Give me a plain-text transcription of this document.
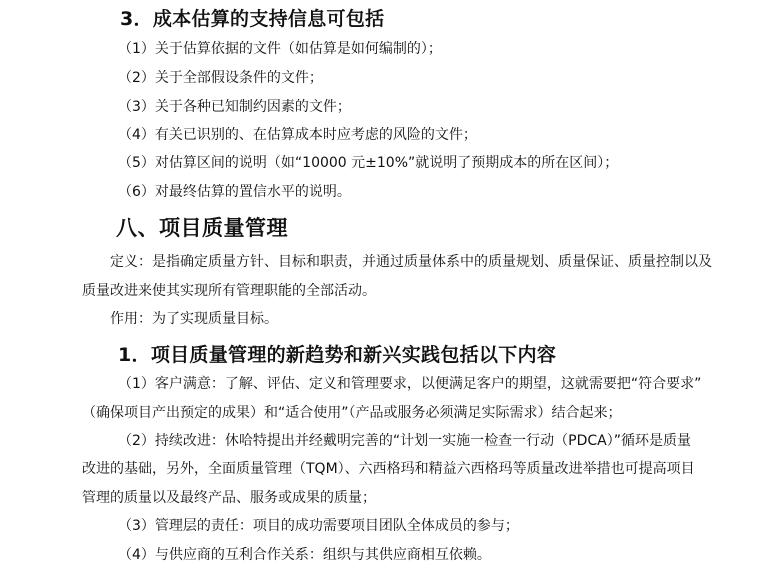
3．成本估算的支持信息可包括
（1）关于估算依据的文件（如估算是如何编制的）；
（2）关于全部假设条件的文件；
（3）关于各种已知制约因素的文件；
（4）有关已识别的、在估算成本时应考虑的风险的文件；
（5）对估算区间的说明（如“10000 元±10%”就说明了预期成本的所在区间）；
（6）对最终估算的置信水平的说明。
八、项目质量管理
定义：是指确定质量方针、目标和职责，并通过质量体系中的质量规划、质量保证、质量控制以及
质量改进来使其实现所有管理职能的全部活动。
作用：为了实现质量目标。
1．项目质量管理的新趋势和新兴实践包括以下内容
（1）客户满意：了解、评估、定义和管理要求，以便满足客户的期望，这就需要把“符合要求”
（确保项目产出预定的成果）和“适合使用”（产品或服务必须满足实际需求）结合起来；
（2）持续改进：休哈特提出并经戴明完善的“计划一实施一检查一行动（PDCA）”循环是质量
改进的基础，另外，全面质量管理（TQM）、六西格玛和精益六西格玛等质量改进举措也可提高项目
管理的质量以及最终产品、服务或成果的质量；
（3）管理层的责任：项目的成功需要项目团队全体成员的参与；
（4）与供应商的互利合作关系：组织与其供应商相互依赖。
